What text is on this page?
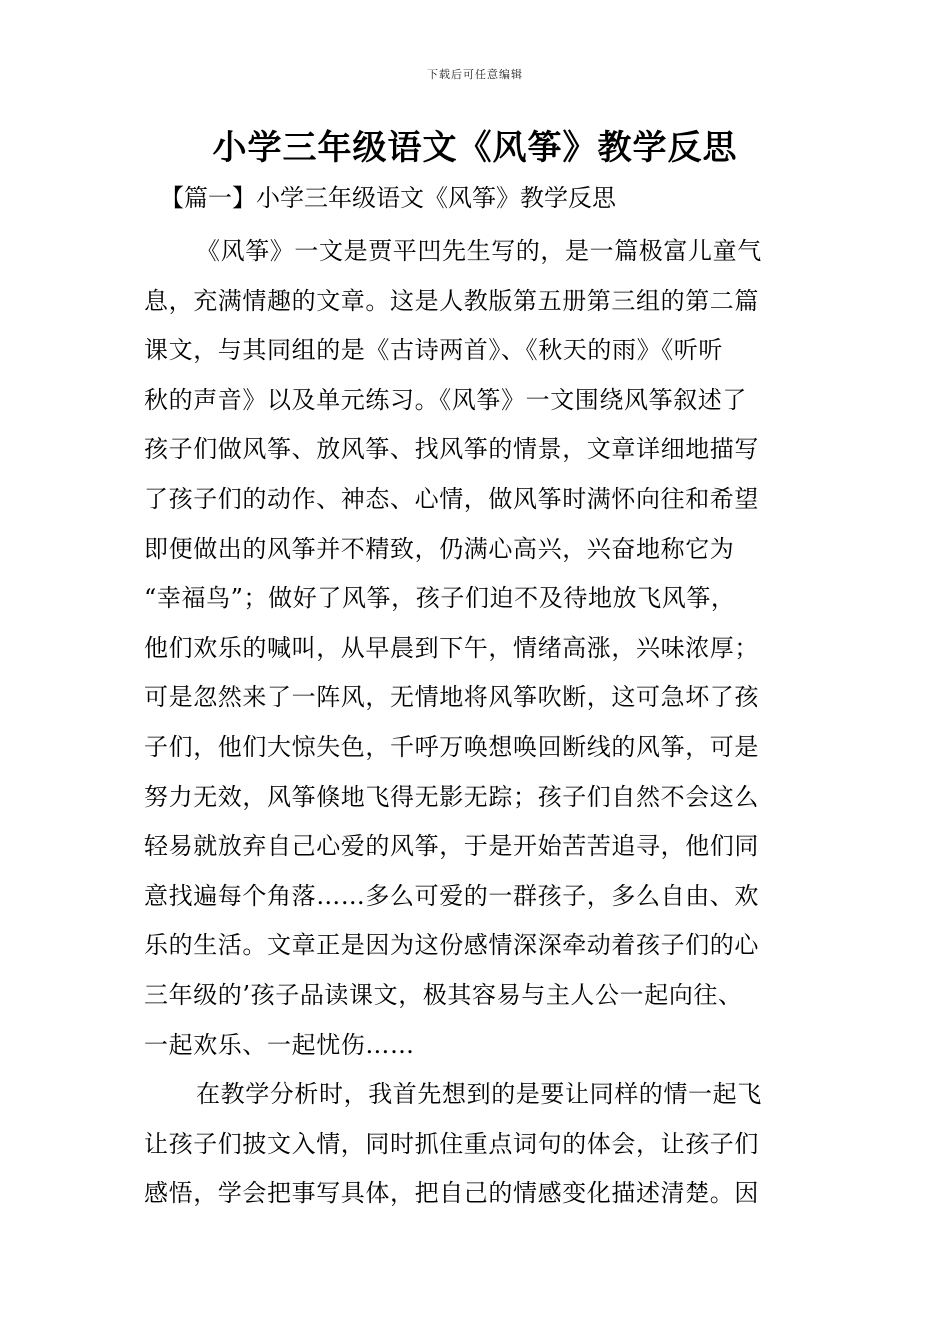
下载后可任意编辑
小学三年级语文《风筝》教学反思
【篇一】小学三年级语文《风筝》教学反思
《风筝》一文是贾平凹先生写的，是一篇极富儿童气
息，充满情趣的文章。这是人教版第五册第三组的第二篇
课文，与其同组的是《古诗两首》、《秋天的雨》《听听
秋的声音》以及单元练习。《风筝》一文围绕风筝叙述了
孩子们做风筝、放风筝、找风筝的情景，文章详细地描写
了孩子们的动作、神态、心情，做风筝时满怀向往和希望
即便做出的风筝并不精致，仍满心高兴，兴奋地称它为
“幸福鸟”；做好了风筝，孩子们迫不及待地放飞风筝，
他们欢乐的喊叫，从早晨到下午，情绪高涨，兴味浓厚；
可是忽然来了一阵风，无情地将风筝吹断，这可急坏了孩
子们，他们大惊失色，千呼万唤想唤回断线的风筝，可是
努力无效，风筝倏地飞得无影无踪；孩子们自然不会这么
轻易就放弃自己心爱的风筝，于是开始苦苦追寻，他们同
意找遍每个角落……多么可爱的一群孩子，多么自由、欢
乐的生活。文章正是因为这份感情深深牵动着孩子们的心
三年级的’孩子品读课文，极其容易与主人公一起向往、
一起欢乐、一起忧伤……
在教学分析时，我首先想到的是要让同样的情一起飞
让孩子们披文入情，同时抓住重点词句的体会，让孩子们
感悟，学会把事写具体，把自己的情感变化描述清楚。因
